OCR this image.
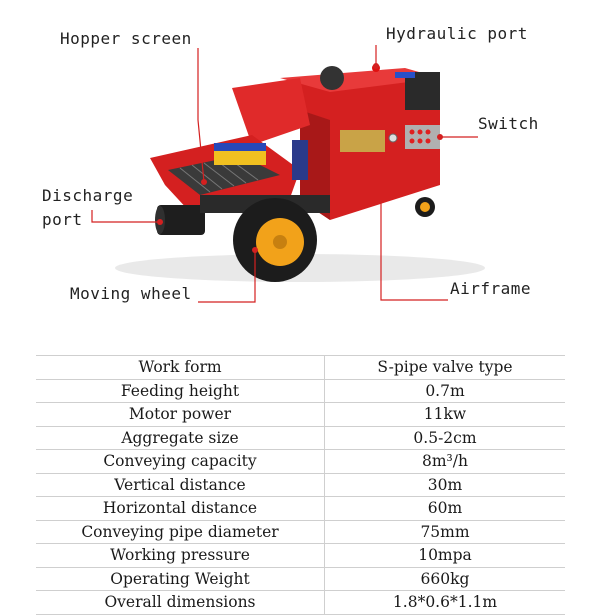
Hopper screen	Hydraulic port
Switch
Discharge
port
Moving wheel	Airframe
Work form	S-pipe valve type
Feeding height	0.7m
Motor power	11kw
Aggregate size	0.5-2cm
Conveying capacity	8m³/h
Vertical distance	30m
Horizontal distance	60m
Conveying pipe diameter	75mm
Working pressure	10mpa
Operating Weight	660kg
Overall dimensions	1.8*0.6*1.1m
